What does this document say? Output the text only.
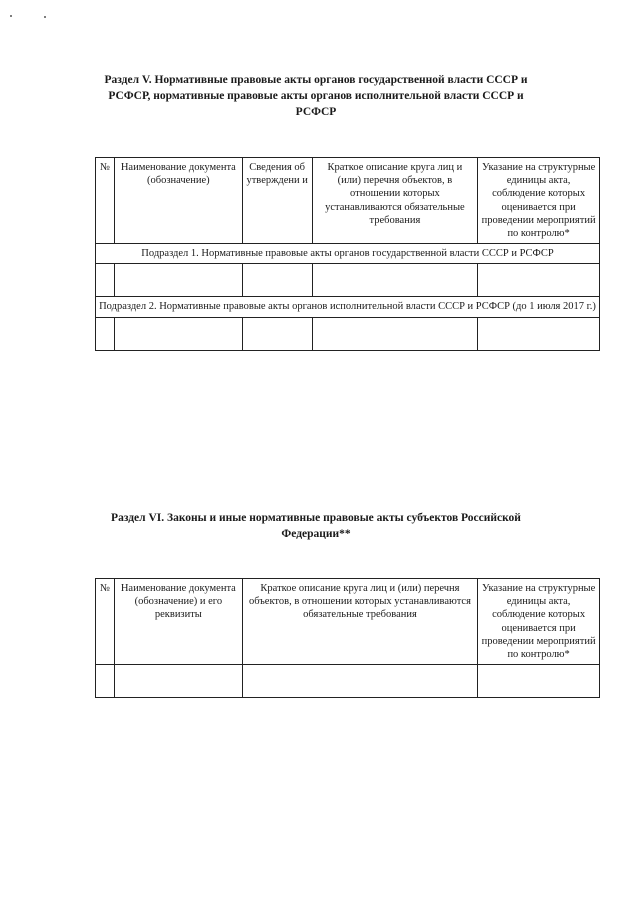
Раздел V. Нормативные правовые акты органов государственной власти СССР и РСФСР, нормативные правовые акты органов исполнительной власти СССР и РСФСР
№	Наименование документа (обозначение)	Сведения об утверждени и	Краткое описание круга лиц и (или) перечня объектов, в отношении которых устанавливаются обязательные требования	Указание на структурные единицы акта, соблюдение которых оценивается при проведении мероприятий по контролю*
Подраздел 1. Нормативные правовые акты органов государственной власти СССР и РСФСР				

Подраздел 2. Нормативные правовые акты органов исполнительной власти СССР и РСФСР (до 1 июля 2017 г.)				

Раздел VI. Законы и иные нормативные правовые акты субъектов Российской Федерации**
№	Наименование документа (обозначение) и его реквизиты	Краткое описание круга лиц и (или) перечня объектов, в отношении которых устанавливаются обязательные требования	Указание на структурные единицы акта, соблюдение которых оценивается при проведении мероприятий по контролю*
